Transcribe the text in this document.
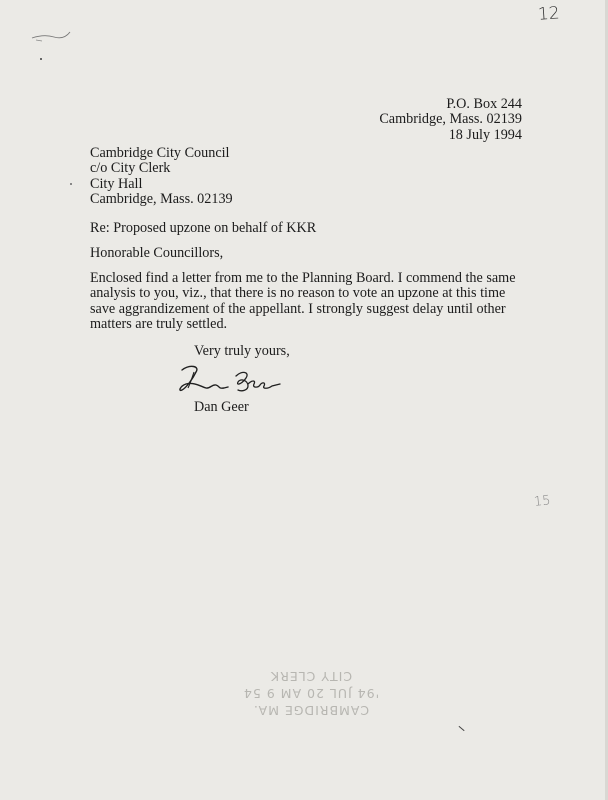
12
15
P.O. Box 244
Cambridge, Mass. 02139
18 July 1994
Cambridge City Council
c/o City Clerk
City Hall
Cambridge, Mass. 02139
Re: Proposed upzone on behalf of KKR
Honorable Councillors,
Enclosed find a letter from me to the Planning Board. I commend the same
analysis to you, viz., that there is no reason to vote an upzone at this time
save aggrandizement of the appellant. I strongly suggest delay until other
matters are truly settled.
Very truly yours,
Dan Geer
CAMBRIDGE MA.
'94 JUL 20 AM 9 54
CITY CLERK
